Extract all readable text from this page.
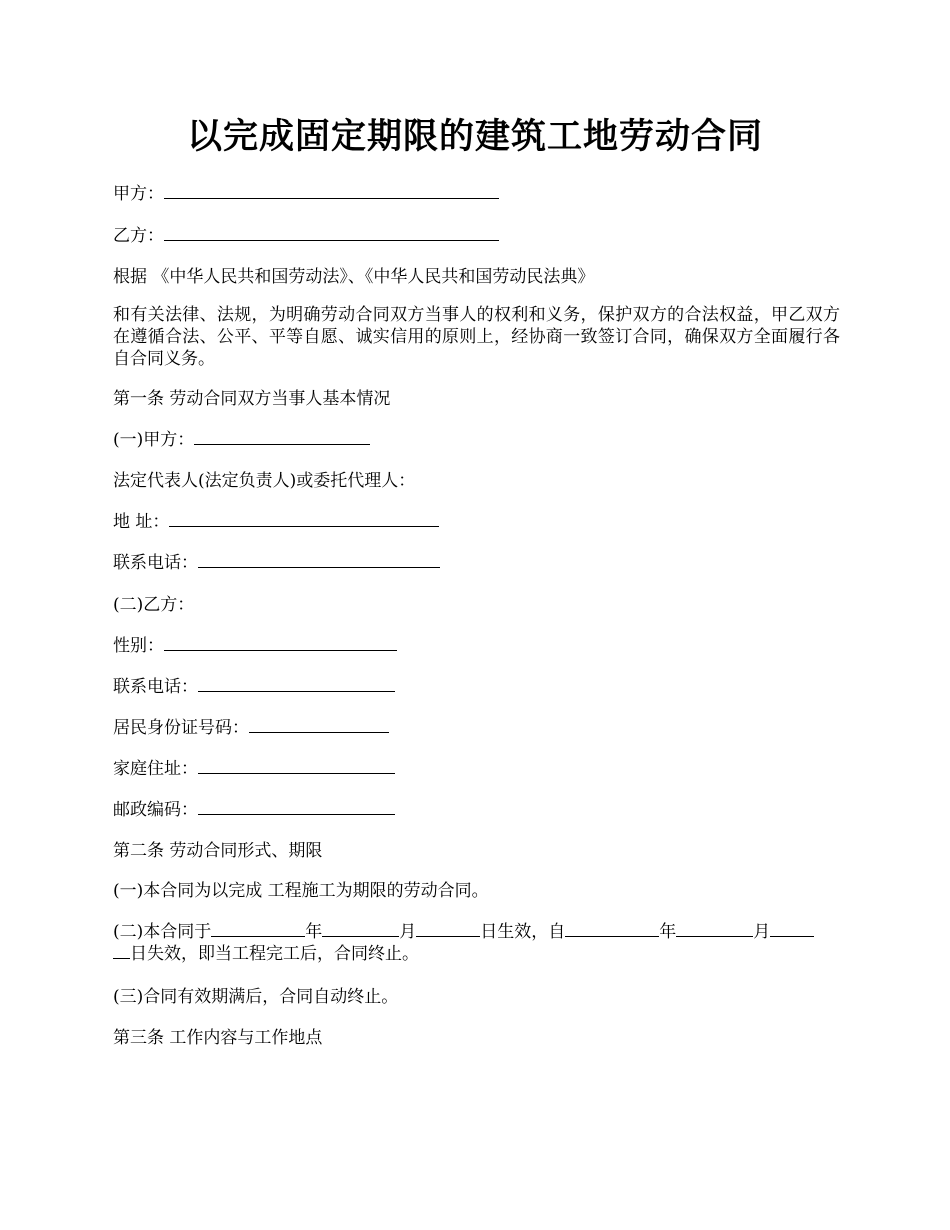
以完成固定期限的建筑工地劳动合同
甲方：
乙方：
根据 《中华人民共和国劳动法》、《中华人民共和国劳动民法典》
和有关法律、法规，为明确劳动合同双方当事人的权利和义务，保护双方的合法权益，甲乙双方在遵循合法、公平、平等自愿、诚实信用的原则上，经协商一致签订合同，确保双方全面履行各自合同义务。
第一条 劳动合同双方当事人基本情况
(一)甲方：
法定代表人(法定负责人)或委托代理人：
地 址：
联系电话：
(二)乙方：
性别：
联系电话：
居民身份证号码：
家庭住址：
邮政编码：
第二条 劳动合同形式、期限
(一)本合同为以完成 工程施工为期限的劳动合同。
(二)本合同于	年	月	日生效，自	年	月
日失效，即当工程完工后，合同终止。
(三)合同有效期满后，合同自动终止。
第三条 工作内容与工作地点
